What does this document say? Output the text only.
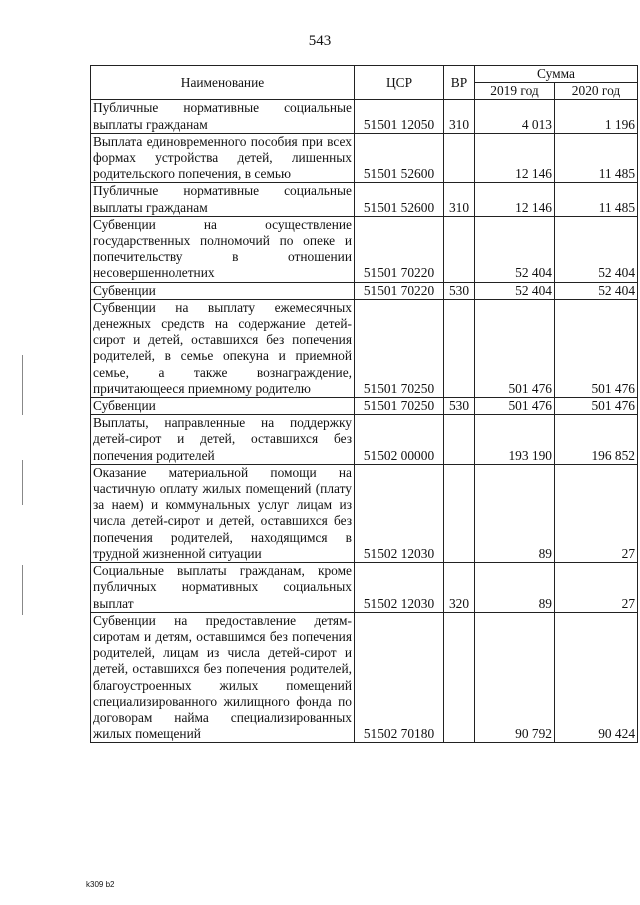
543
Наименование	ЦСР	ВР	Сумма	
			2019 год	2020 год
Публичные нормативные социальные выплаты гражданам	51501 12050	310	4 013	1 196
Выплата единовременного пособия при всех формах устройства детей, лишенных родительского попечения, в семью	51501 52600		12 146	11 485
Публичные нормативные социальные выплаты гражданам	51501 52600	310	12 146	11 485
Субвенции на осуществление государственных полномочий по опеке и попечительству в отношении несовершеннолетних	51501 70220		52 404	52 404
Субвенции	51501 70220	530	52 404	52 404
Субвенции на выплату ежемесячных денежных средств на содержание детей-сирот и детей, оставшихся без попечения родителей, в семье опекуна и приемной семье, а также вознаграждение, причитающееся приемному родителю	51501 70250		501 476	501 476
Субвенции	51501 70250	530	501 476	501 476
Выплаты, направленные на поддержку детей-сирот и детей, оставшихся без попечения родителей	51502 00000		193 190	196 852
Оказание материальной помощи на частичную оплату жилых помещений (плату за наем) и коммунальных услуг лицам из числа детей-сирот и детей, оставшихся без попечения родителей, находящимся в трудной жизненной ситуации	51502 12030		89	27
Социальные выплаты гражданам, кроме публичных нормативных социальных выплат	51502 12030	320	89	27
Субвенции на предоставление детям-сиротам и детям, оставшимся без попечения родителей, лицам из числа детей-сирот и детей, оставшихся без попечения родителей, благоустроенных жилых помещений специализированного жилищного фонда по договорам найма специализированных жилых помещений	51502 70180		90 792	90 424
k309 b2
